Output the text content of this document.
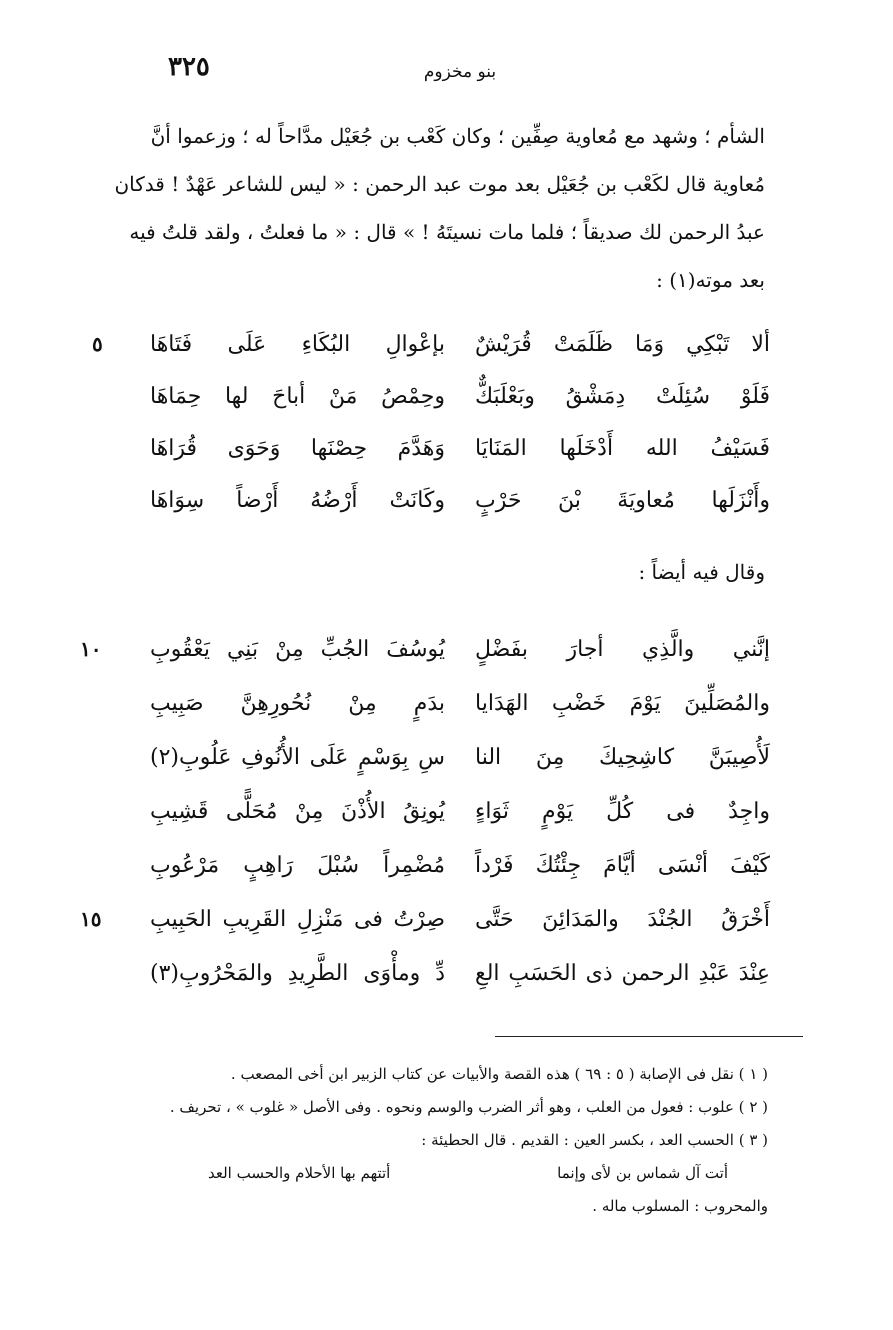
بنو مخزوم
٣٢٥
الشأم ؛ وشهد مع مُعاوية صِفِّين ؛ وكان كَعْب بن جُعَيْل مدَّاحاً له ؛ وزعموا أنَّ
مُعاوية قال لكَعْب بن جُعَيْل بعد موت عبد الرحمن : « ليس للشاعر عَهْدٌ ! قدكان
عبدُ الرحمن لك صديقاً ؛ فلما مات نسيتَهُ ! » قال : « ما فعلتُ ، ولقد قلتُ فيه
بعد موته(١) :
ألا تَبْكِي وَمَا ظَلَمَتْ قُرَيْشٌ
بإعْوالِ البُكَاءِ عَلَى فَتَاهَا
فَلَوْ سُئِلَتْ دِمَشْقُ وبَعْلَبَكٌّ
وحِمْصُ مَنْ أباحَ لها حِمَاهَا
فَسَيْفُ الله أَدْخَلَها المَنَايَا
وَهَدَّمَ حِصْنَها وَحَوَى قُرَاهَا
وأَنْزَلَها مُعاويَةَ بْنَ حَرْبٍ
وكَانَتْ أَرْضُهُ أَرْضاً سِوَاهَا
٥
وقال فيه أيضاً :
إنَّني والَّذِي أجارَ بفَضْلٍ
يُوسُفَ الجُبِّ مِنْ بَنِي يَعْقُوبِ
والمُصَلِّينَ يَوْمَ خَضْبِ الهَدَايا
بدَمٍ مِنْ نُحُورِهِنَّ صَبِيبِ
لَأُصِيبَنَّ كاشِحِيكَ مِنَ النا
سِ بِوَسْمٍ عَلَى الأُنُوفِ عَلُوبِ(٢)
واجِدٌ فى كُلِّ يَوْمٍ ثَوَاءٍ
يُونِقُ الأُذْنَ مِنْ مُحَلًّى قَشِيبِ
كَيْفَ أنْسَى أيَّامَ جِئْتُكَ فَرْداً
مُضْمِراً سُبْلَ رَاهِبٍ مَرْعُوبِ
أَخْرَقُ الجُنْدَ والمَدَائِنَ حَتَّى
صِرْتُ فى مَنْزِلِ القَرِيبِ الحَبِيبِ
عِنْدَ عَبْدِ الرحمن ذى الحَسَبِ العِ
دِّ ومأْوَى الطَّرِيدِ والمَحْرُوبِ(٣)
١٠
١٥
( ١ ) نقل فى الإصابة ( ٥ : ٦٩ ) هذه القصة والأبيات عن كتاب الزبير ابن أخى المصعب .
( ٢ ) علوب : فعول من العلب ، وهو أثر الضرب والوسم ونحوه . وفى الأصل « غلوب » ، تحريف .
( ٣ ) الحسب العد ، بكسر العين : القديم . قال الحطيئة :
أتت آل شماس بن لأى وإنما
أتتهم بها الأحلام والحسب العد
والمحروب : المسلوب ماله .
